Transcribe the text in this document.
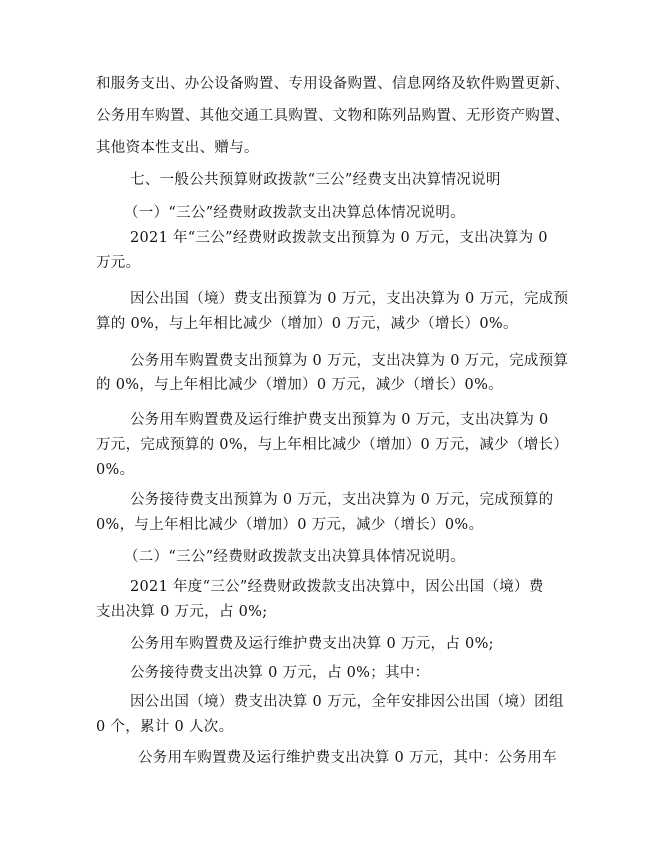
和服务支出、办公设备购置、专用设备购置、信息网络及软件购置更新、
公务用车购置、其他交通工具购置、文物和陈列品购置、无形资产购置、
其他资本性支出、赠与。
七、一般公共预算财政拨款“三公”经费支出决算情况说明
（一）“三公”经费财政拨款支出决算总体情况说明。
2021 年“三公”经费财政拨款支出预算为 0 万元，支出决算为 0
万元。
因公出国（境）费支出预算为 0 万元，支出决算为 0 万元，完成预
算的 0%，与上年相比减少（增加）0 万元，减少（增长）0%。
公务用车购置费支出预算为 0 万元，支出决算为 0 万元，完成预算
的 0%，与上年相比减少（增加）0 万元，减少（增长）0%。
公务用车购置费及运行维护费支出预算为 0 万元，支出决算为 0
万元，完成预算的 0%，与上年相比减少（增加）0 万元，减少（增长）
0%。
公务接待费支出预算为 0 万元，支出决算为 0 万元，完成预算的
0%，与上年相比减少（增加）0 万元，减少（增长）0%。
（二）“三公”经费财政拨款支出决算具体情况说明。
2021 年度“三公”经费财政拨款支出决算中，因公出国（境）费
支出决算 0 万元，占 0%;
公务用车购置费及运行维护费支出决算 0 万元，占 0%;
公务接待费支出决算 0 万元，占 0%；其中：
因公出国（境）费支出决算 0 万元，全年安排因公出国（境）团组
0 个，累计 0 人次。
公务用车购置费及运行维护费支出决算 0 万元，其中：公务用车
